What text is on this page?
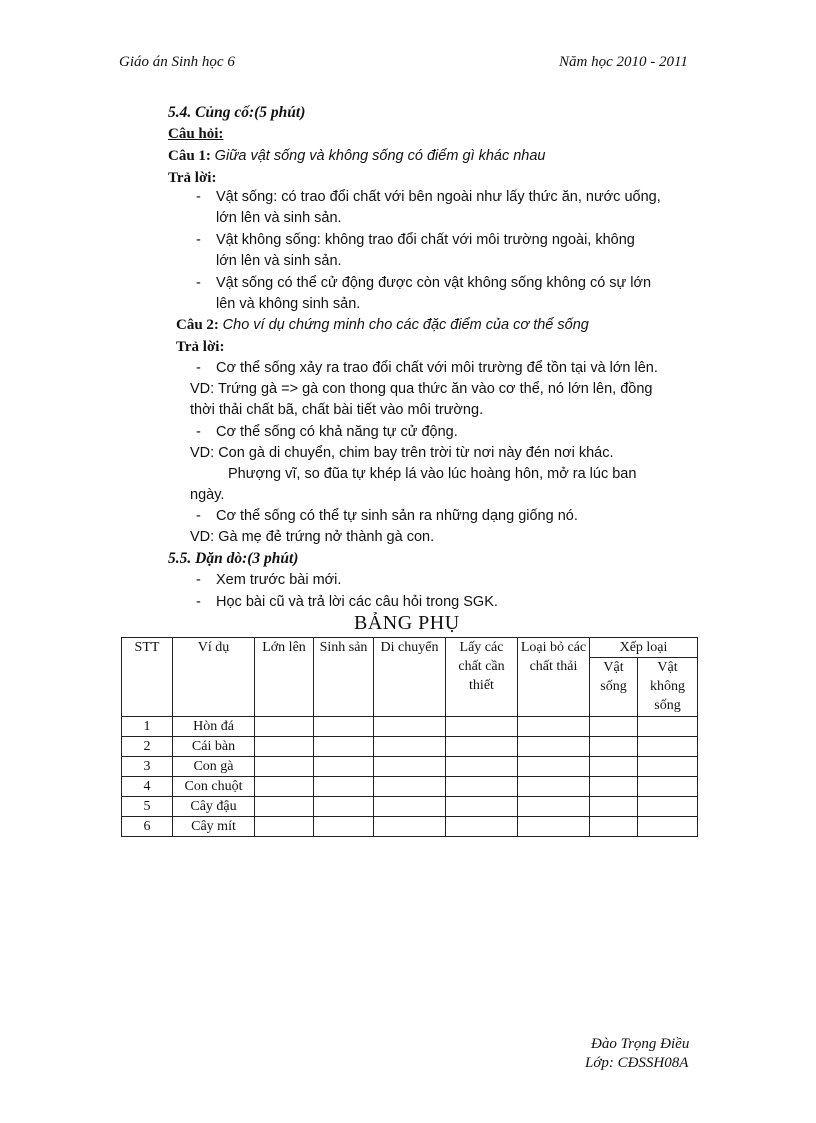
Giáo án Sinh học 6	Năm học 2010 - 2011
5.4. Củng cố:(5 phút)
Câu hỏi:
Câu 1: Giữa vật sống và không sống có điểm gì khác nhau
Trả lời:
- Vật sống: có trao đổi chất với bên ngoài như lấy thức ăn, nước uống,
lớn lên và sinh sản.
- Vật không sống: không trao đổi chất với môi trường ngoài, không
lớn lên và sinh sản.
- Vật sống có thể cử động được còn vật không sống không có sự lớn
lên và không sinh sản.
Câu 2: Cho ví dụ chứng minh cho các đặc điểm của cơ thể sống
Trả lời:
- Cơ thể sống xảy ra trao đổi chất với môi trường để tồn tại và lớn lên.
VD: Trứng gà => gà con thong qua thức ăn vào cơ thể, nó lớn lên, đồng
thời thải chất bã, chất bài tiết vào môi trường.
- Cơ thể sống có khả năng tự cử động.
VD: Con gà di chuyển, chim bay trên trời từ nơi này đén nơi khác.
Phượng vĩ, so đũa tự khép lá vào lúc hoàng hôn, mở ra lúc ban
ngày.
- Cơ thể sống có thể tự sinh sản ra những dạng giống nó.
VD: Gà mẹ đẻ trứng nở thành gà con.
5.5. Dặn dò:(3 phút)
- Xem trước bài mới.
- Học bài cũ và trả lời các câu hỏi trong SGK.
BẢNG PHỤ
STT	Ví dụ	Lớn lên	Sinh sản	Di chuyển	Lấy các chất cần thiết	Loại bỏ các chất thải	Xếp loại	
							Vật sống	Vật không sống
1	Hòn đá							
2	Cái bàn							
3	Con gà							
4	Con chuột							
5	Cây đậu							
6	Cây mít							
Đào Trọng Điều
Lớp: CĐSSH08A
